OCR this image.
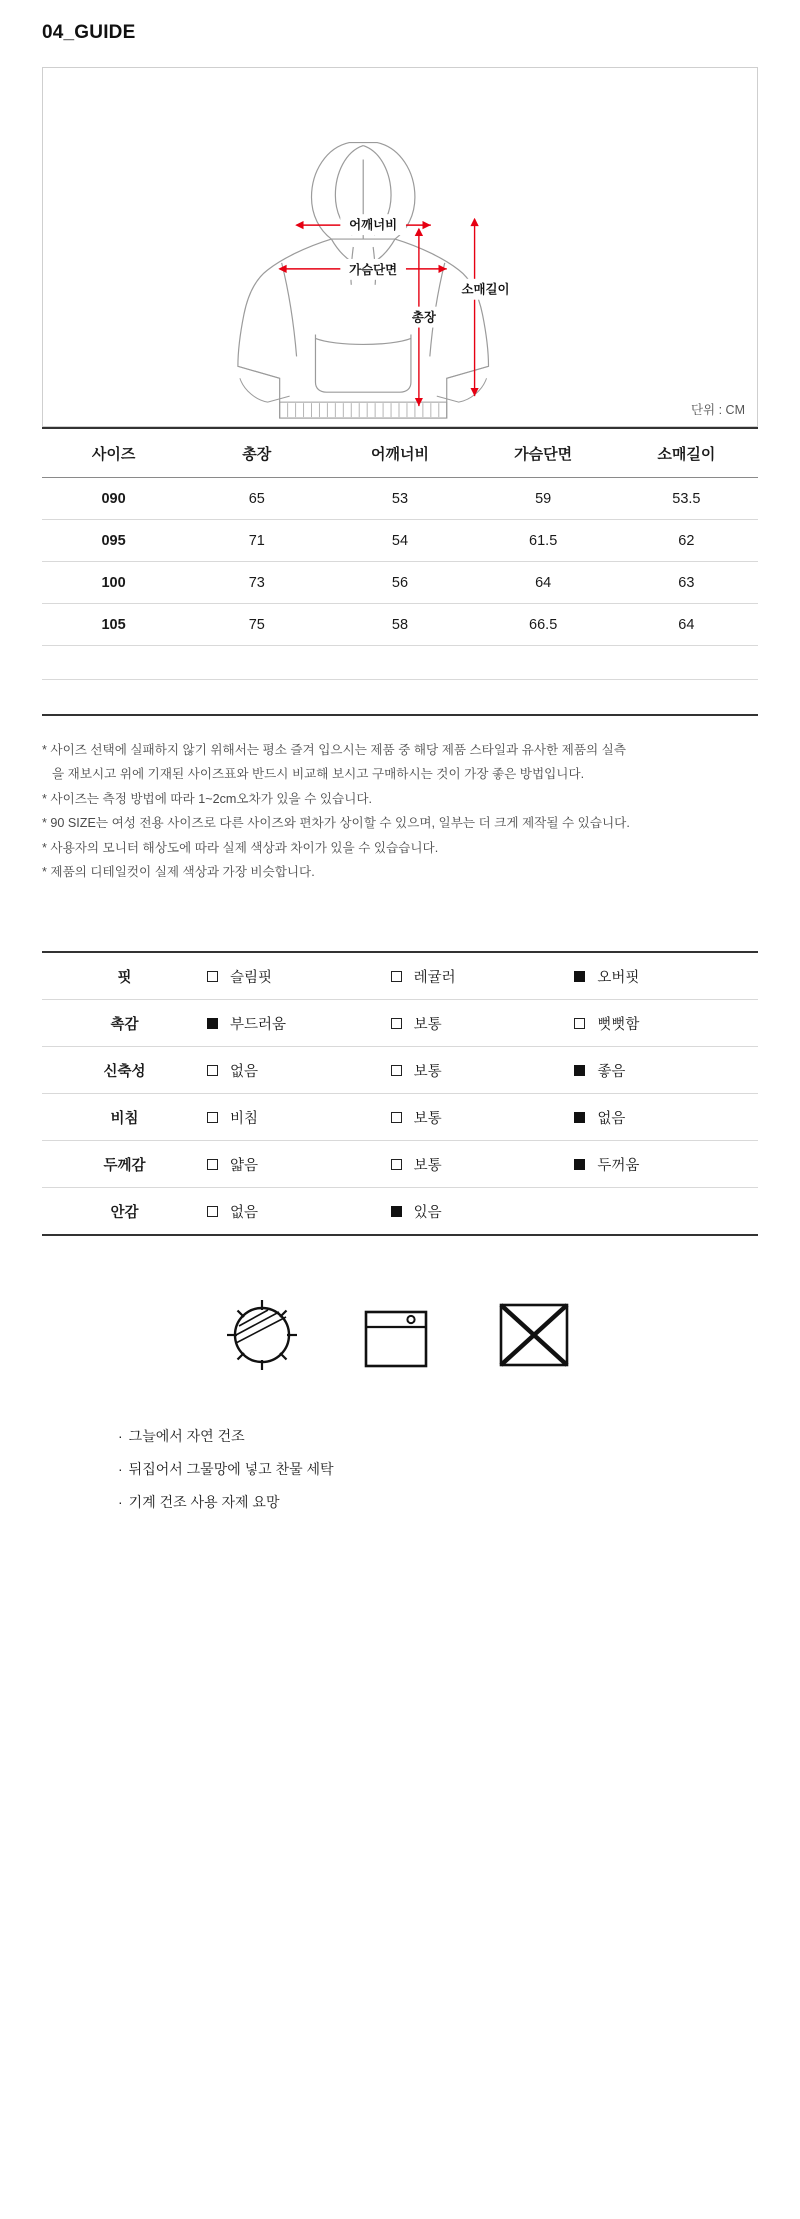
04_GUIDE
어깨너비
가슴단면
총장
소매길이
단위 : CM
사이즈	총장	어깨너비	가슴단면	소매길이
090	65	53	59	53.5
095	71	54	61.5	62
100	73	56	64	63
105	75	58	66.5	64

* 사이즈 선택에 실패하지 않기 위해서는 평소 즐겨 입으시는 제품 중 해당 제품 스타일과 유사한 제품의 실측

을 재보시고 위에 기재된 사이즈표와 반드시 비교해 보시고 구매하시는 것이 가장 좋은 방법입니다.
* 사이즈는 측정 방법에 따라 1~2cm오차가 있을 수 있습니다.
* 90 SIZE는 여성 전용 사이즈로 다른 사이즈와 편차가 상이할 수 있으며, 일부는 더 크게 제작될 수 있습니다.
* 사용자의 모니터 해상도에 따라 실제 색상과 차이가 있을 수 있습습니다.
* 제품의 디테일컷이 실제 색상과 가장 비슷합니다.
핏	슬림핏	레귤러	오버핏

촉감	부드러움	보통	뻣뻣함

신축성	없음	보통	좋음

비침	비침	보통	없음

두께감	얇음	보통	두꺼움

안감	없음	있음	

· 그늘에서 자연 건조
· 뒤집어서 그물망에 넣고 찬물 세탁
· 기계 건조 사용 자제 요망
